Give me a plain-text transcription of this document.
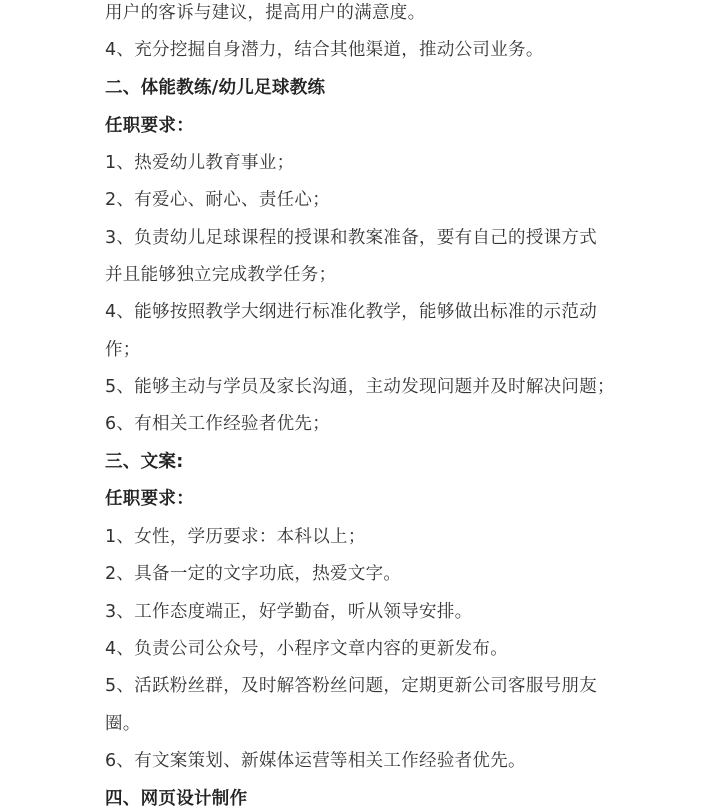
用户的客诉与建议，提高用户的满意度。
4、充分挖掘自身潜力，结合其他渠道，推动公司业务。
二、体能教练/幼儿足球教练
任职要求：
1、热爱幼儿教育事业；
2、有爱心、耐心、责任心；
3、负责幼儿足球课程的授课和教案准备，要有自己的授课方式
并且能够独立完成教学任务；
4、能够按照教学大纲进行标准化教学，能够做出标准的示范动
作；
5、能够主动与学员及家长沟通，主动发现问题并及时解决问题；
6、有相关工作经验者优先；
三、文案:
任职要求：
1、女性，学历要求：本科以上；
2、具备一定的文字功底，热爱文字。
3、工作态度端正，好学勤奋，听从领导安排。
4、负责公司公众号，小程序文章内容的更新发布。
5、活跃粉丝群，及时解答粉丝问题，定期更新公司客服号朋友
圈。
6、有文案策划、新媒体运营等相关工作经验者优先。
四、网页设计制作
